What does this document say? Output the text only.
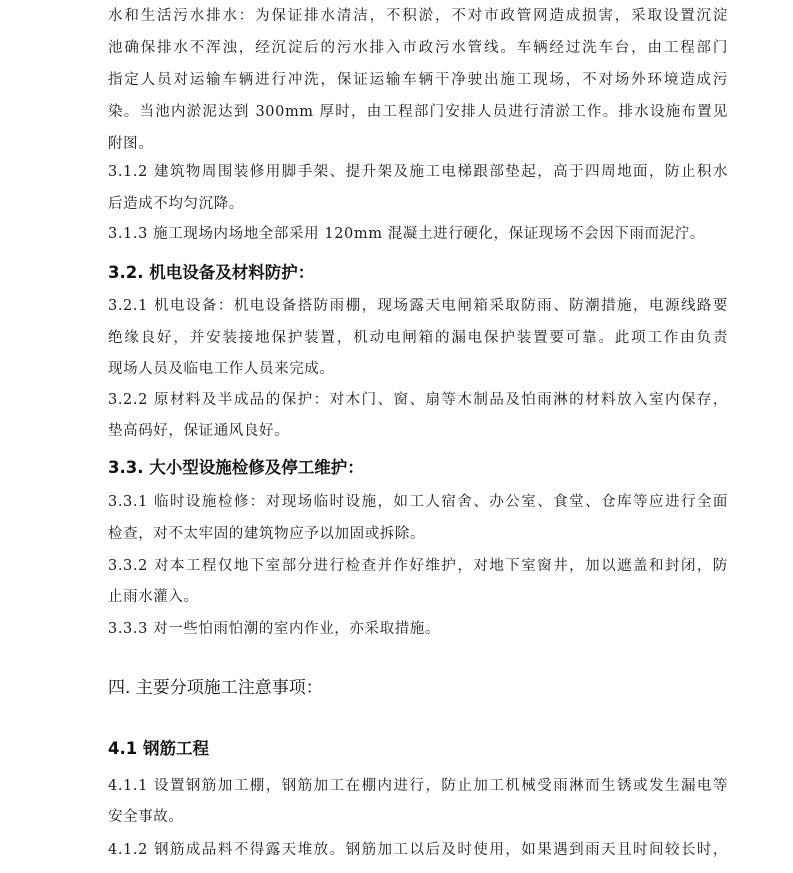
水和生活污水排水：为保证排水清洁，不积淤，不对市政管网造成损害，采取设置沉淀
池确保排水不浑浊，经沉淀后的污水排入市政污水管线。车辆经过洗车台，由工程部门
指定人员对运输车辆进行冲洗，保证运输车辆干净驶出施工现场，不对场外环境造成污
染。当池内淤泥达到 300mm 厚时，由工程部门安排人员进行清淤工作。排水设施布置见
附图。
3.1.2 建筑物周围装修用脚手架、提升架及施工电梯跟部垫起，高于四周地面，防止积水
后造成不均匀沉降。
3.1.3 施工现场内场地全部采用 120mm 混凝土进行硬化，保证现场不会因下雨而泥泞。
3.2. 机电设备及材料防护：
3.2.1 机电设备：机电设备搭防雨棚，现场露天电闸箱采取防雨、防潮措施，电源线路要
绝缘良好，并安装接地保护装置，机动电闸箱的漏电保护装置要可靠。此项工作由负责
现场人员及临电工作人员来完成。
3.2.2 原材料及半成品的保护：对木门、窗、扇等木制品及怕雨淋的材料放入室内保存，
垫高码好，保证通风良好。
3.3. 大小型设施检修及停工维护：
3.3.1 临时设施检修：对现场临时设施，如工人宿舍、办公室、食堂、仓库等应进行全面
检查，对不太牢固的建筑物应予以加固或拆除。
3.3.2 对本工程仅地下室部分进行检查并作好维护，对地下室窗井，加以遮盖和封闭，防
止雨水灌入。
3.3.3 对一些怕雨怕潮的室内作业，亦采取措施。
四. 主要分项施工注意事项：
4.1 钢筋工程
4.1.1 设置钢筋加工棚，钢筋加工在棚内进行，防止加工机械受雨淋而生锈或发生漏电等
安全事故。
4.1.2 钢筋成品料不得露天堆放。钢筋加工以后及时使用，如果遇到雨天且时间较长时，
